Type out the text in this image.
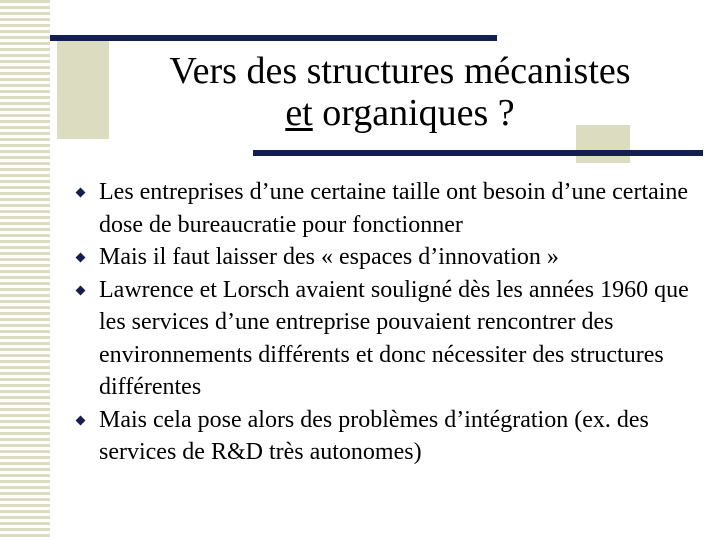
Vers des structures mécanistes
et organiques ?
Les entreprises d’une certaine taille ont besoin d’une certaine dose de bureaucratie pour fonctionner
Mais il faut laisser des « espaces d’innovation »
Lawrence et Lorsch avaient souligné dès les années 1960 que les services d’une entreprise pouvaient rencontrer des environnements différents et donc nécessiter des structures différentes
Mais cela pose alors des problèmes d’intégration (ex. des services de R&D très autonomes)
